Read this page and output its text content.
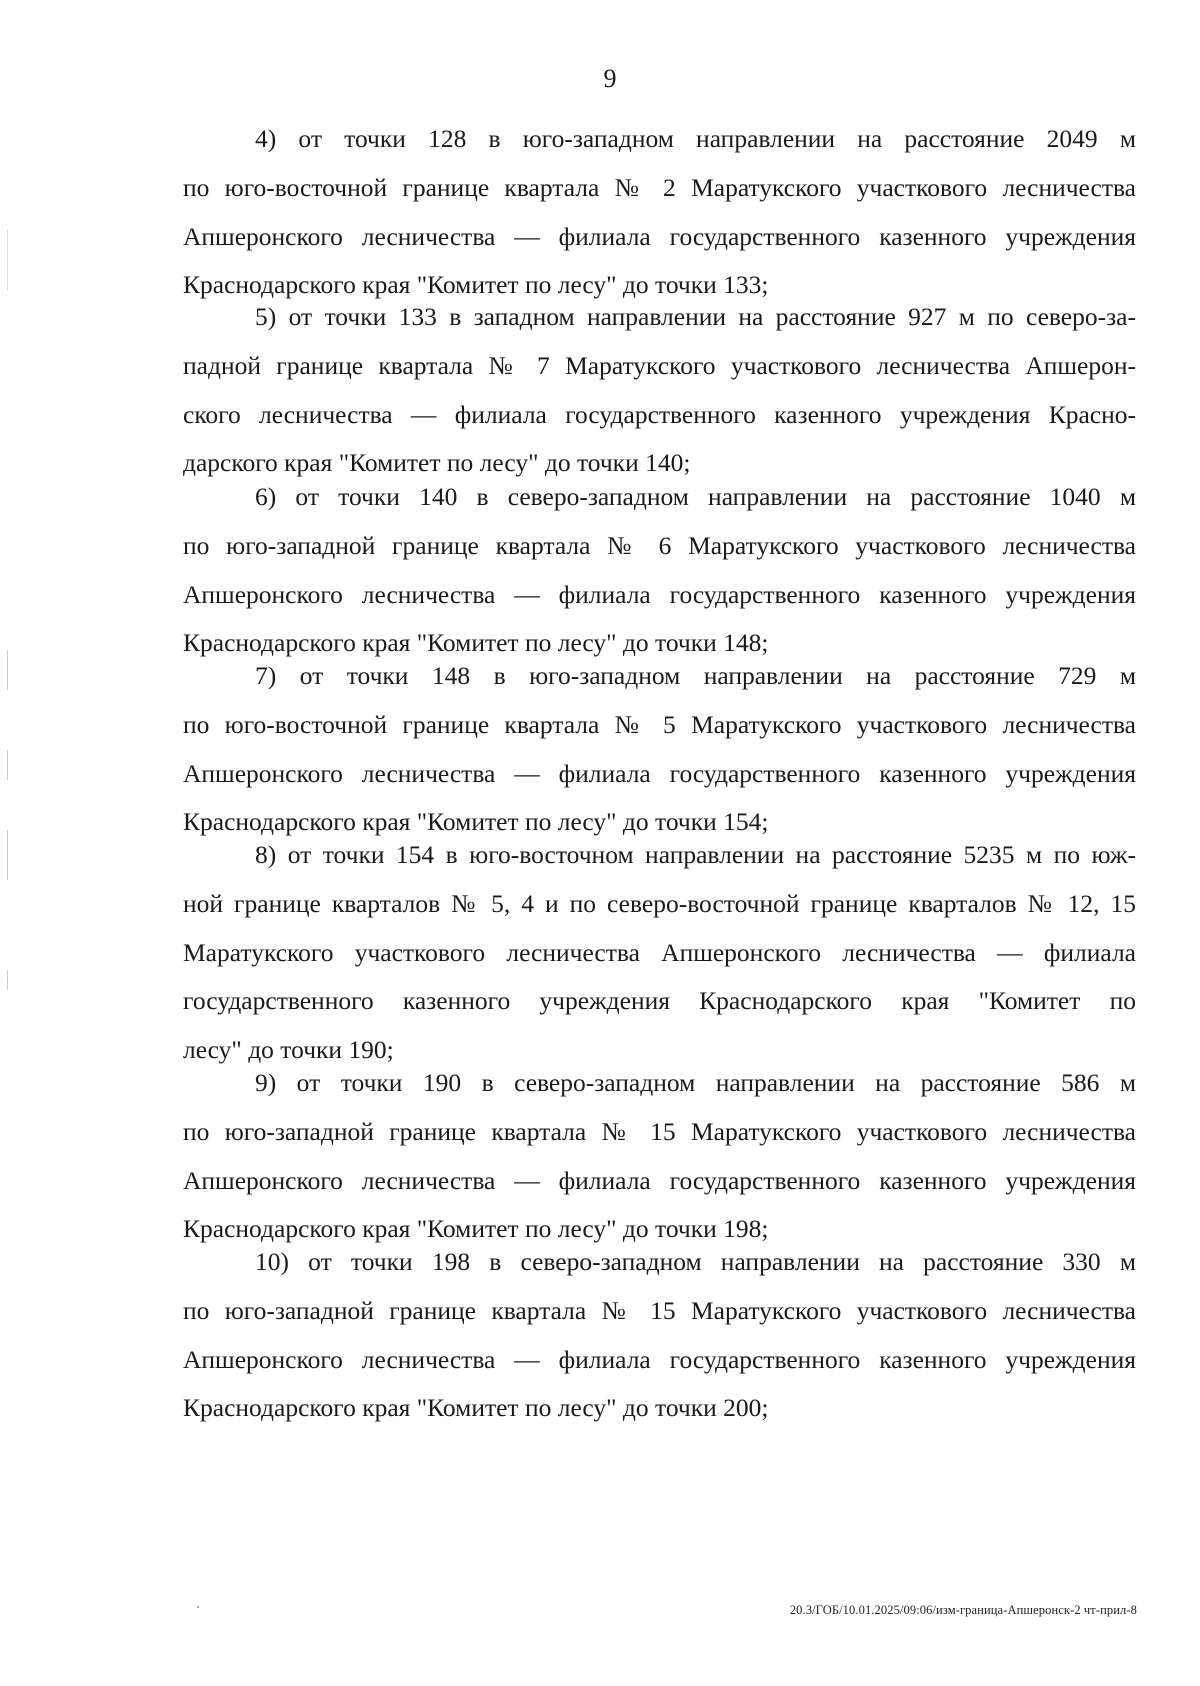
9

4) от точки 128 в юго-западном направлении на расстояние 2049 м
по юго-восточной границе квартала № 2 Маратукского участкового лесничества
Апшеронского лесничества — филиала государственного казенного учреждения
Краснодарского края "Комитет по лесу" до точки 133;

5) от точки 133 в западном направлении на расстояние 927 м по северо-за-
падной границе квартала № 7 Маратукского участкового лесничества Апшерон-
ского лесничества — филиала государственного казенного учреждения Красно-
дарского края "Комитет по лесу" до точки 140;

6) от точки 140 в северо-западном направлении на расстояние 1040 м
по юго-западной границе квартала № 6 Маратукского участкового лесничества
Апшеронского лесничества — филиала государственного казенного учреждения
Краснодарского края "Комитет по лесу" до точки 148;

7) от точки 148 в юго-западном направлении на расстояние 729 м
по юго-восточной границе квартала № 5 Маратукского участкового лесничества
Апшеронского лесничества — филиала государственного казенного учреждения
Краснодарского края "Комитет по лесу" до точки 154;

8) от точки 154 в юго-восточном направлении на расстояние 5235 м по юж-
ной границе кварталов № 5, 4 и по северо-восточной границе кварталов № 12, 15
Маратукского участкового лесничества Апшеронского лесничества — филиала
государственного казенного учреждения Краснодарского края "Комитет по
лесу" до точки 190;

9) от точки 190 в северо-западном направлении на расстояние 586 м
по юго-западной границе квартала № 15 Маратукского участкового лесничества
Апшеронского лесничества — филиала государственного казенного учреждения
Краснодарского края "Комитет по лесу" до точки 198;

10) от точки 198 в северо-западном направлении на расстояние 330 м
по юго-западной границе квартала № 15 Маратукского участкового лесничества
Апшеронского лесничества — филиала государственного казенного учреждения
Краснодарского края "Комитет по лесу" до точки 200;

20.3/ГОБ/10.01.2025/09:06/изм-граница-Апшеронск-2 чт-прил-8
